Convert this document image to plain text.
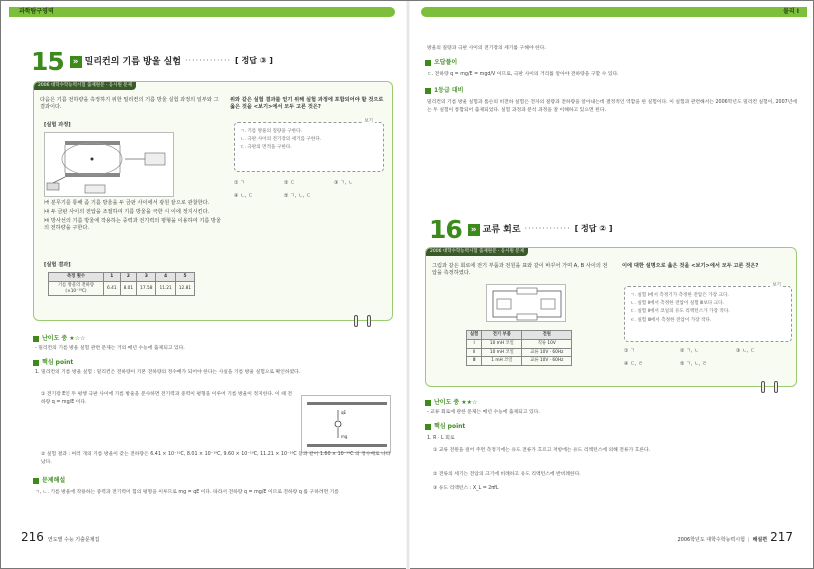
과학탐구영역	물리 I
15	» 밀리컨의 기름 방울 실험 ············· [ 정답 ③ ]
2006 대학수학능력시험 출제원문 · 응시원 문제
다음은 기름 전하량을 측정하기 위한 밀리컨의 기름 방울 실험 과정의 일부와 그 결과이다.
[실험 과정]
㈎ 분무기를 통해 좀 기름 방울을 두 금판 사이에서 광원 끝으로 관찰한다.
㈏ 두 금판 사이의 전압을 조절하여 기름 방울을 극한 시 이에 정지시킨다.
㈐ 방사선의 기름 방울에 작용하는 중력과 전기력의 평형을 이용하여 기름 방울의 전하량을 구한다.
[실험 결과]
측정 횟수	1	2	3	4	5
기름 방울의 전하량(×10⁻¹⁹C)	6.41	8.01	17.58	11.21	12.81
위와 같은 실험 결과를 얻기 위해 실험 과정에 포함되어야 할 것으로 옳은 것을 <보기>에서 모두 고른 것은?
보기
ㄱ. 기름 방울의 질량을 구한다.
ㄴ. 극판 사이의 전기장의 세기를 구한다.
ㄷ. 극판의 면적을 구한다.
① ㄱ	② ㄷ	③ ㄱ, ㄴ
④ ㄴ, ㄷ	⑤ ㄱ, ㄴ, ㄷ
난이도 중 ★☆☆
- 밀리컨의 기름 방울 실험 관련 문제는 거의 매년 수능에 출제되고 있다.
핵심 point
1. 밀리컨의 기름 방울 실험 : 밀리컨은 전하량이 기본 전하량의 정수배가 되어야 한다는 사실을 기름 방울 실험으로 확인하였다.
① 전기장 E인 두 평행 극판 사이에 기름 방울을 분사하면 전기력과 중력이 평형을 이루어 기름 방울이 정지한다. 이 때 전하량 q = mg/E 이다.
qE
mg
② 실험 결과 : 여러 개의 기름 방울이 갖는 전하량은 6.41 × 10⁻¹⁹C, 8.01 × 10⁻¹⁹C, 9.60 × 10⁻¹⁹C, 11.21 × 10⁻¹⁹C 등과 같이 1.60 × 10⁻¹⁹C 의 정수배로 나타났다.
문제해설
ㄱ, ㄴ. 기름 방울에 작용하는 중력과 전기력이 힘의 평형을 이루므로 mg = qE 이다. 따라서 전하량 q = mg/E 이므로 전하량 q 를 구하려면 기름
방울의 질량과 극판 사이의 전기장의 세기를 구해야 한다.
오답풀이
ㄷ. 전하량 q = mg/E = mgd/V 이므로, 극판 사이의 거리를 알아야 전하량을 구할 수 있다.
1등급 대비
밀리컨의 기름 방울 실험과 톰슨의 비전하 실험은 전자의 질량과 전하량을 알아내는데 결정적인 역할을 한 실험이다. 이 실험과 관련해서는 2006학년도 밀리컨 실험이, 2007년에는 두 실험이 통합되어 출제되었다. 실험 과정과 분석 과정을 잘 이해하고 있으면 된다.
16	» 교류 회로 ············· [ 정답 ② ]
2006 대학수학능력시험 출제원문 · 응시원 문제
그림과 같은 회로에 전기 부품과 전원을 표와 같이 바꾸어 가며 A, B 사이의 전압을 측정하였다.
실험	전기 부품	전원
Ⅰ	10 mH 코일	직류 10V
Ⅱ	10 mH 코일	교류 10V · 60Hz
Ⅲ	1 mH 코일	교류 10V · 60Hz
이에 대한 설명으로 옳은 것을 <보기>에서 모두 고른 것은?
보기
ㄱ. 실험 Ⅰ에서 측정기가 측정한 전압은 가장 크다.
ㄴ. 실험 Ⅱ에서 측정한 전압이 실험 Ⅲ보다 크다.
ㄷ. 실험 Ⅱ에서 코일의 유도 리액턴스가 가장 작다.
ㄹ. 실험 Ⅲ에서 측정한 전압이 가장 작다.
① ㄱ	② ㄱ, ㄴ	③ ㄴ, ㄷ
④ ㄷ, ㄹ	⑤ ㄱ, ㄴ, ㄹ
난이도 중 ★★☆
- 교류 회로에 관한 문제는 매년 수능에 출제되고 있다.
핵심 point
1. R · L 회로
① 교류 전원을 걸어 주면 측정기에는 유도 전류가 흐르고 저항에는 유도 리액턴스에 의해 전류가 흐른다.
② 전류의 세기는 전압의 크기에 비례하고 유도 리액턴스에 반비례한다.
③ 유도 리액턴스 : X_L = 2πfL
216 연도별 수능 기출문제집	2006학년도 대학수학능력시험 | 해설편 217
